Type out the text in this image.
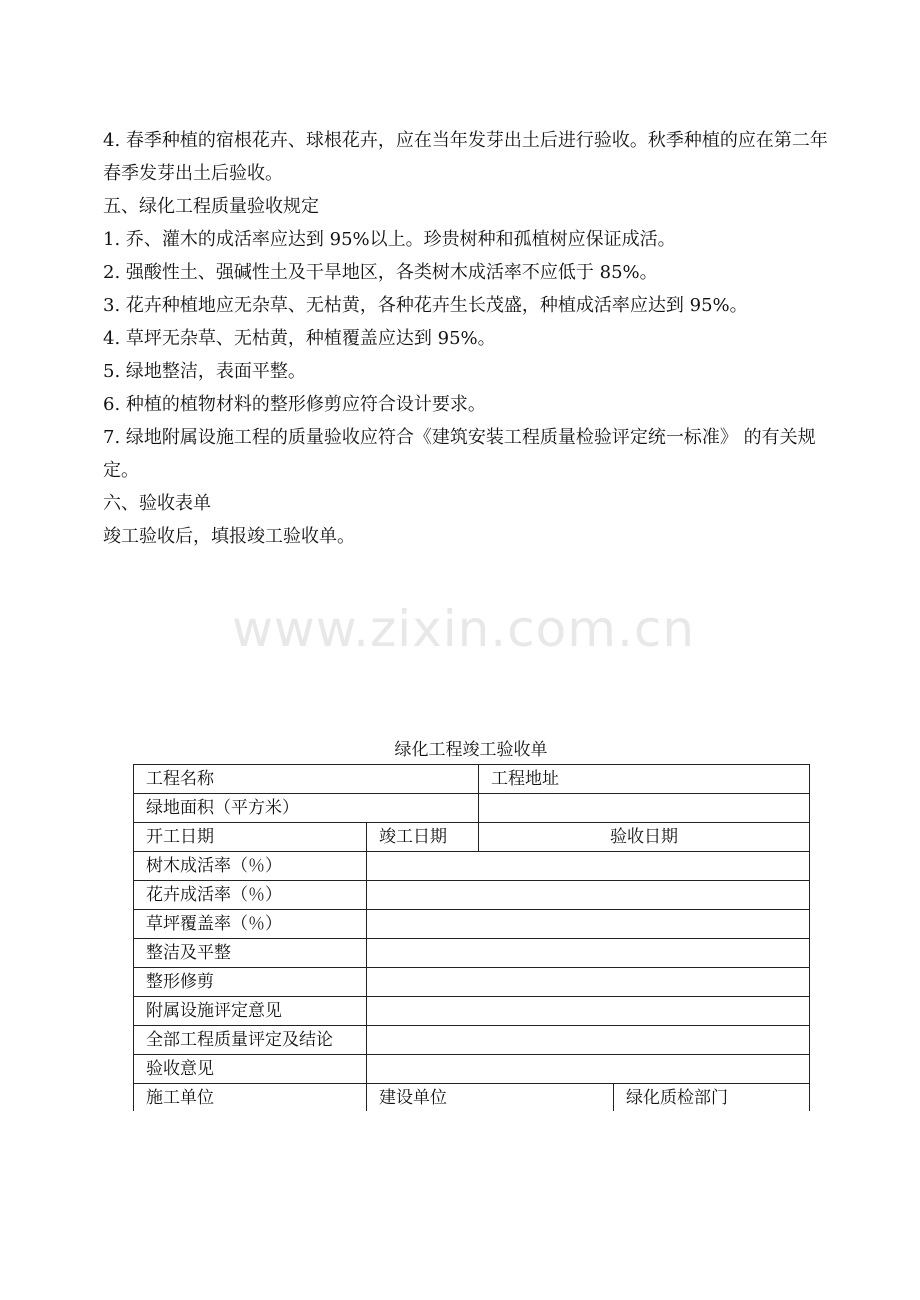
4. 春季种植的宿根花卉、球根花卉，应在当年发芽出土后进行验收。秋季种植的应在第二年春季发芽出土后验收。

五、绿化工程质量验收规定

1. 乔、灌木的成活率应达到 95%以上。珍贵树种和孤植树应保证成活。

2. 强酸性土、强碱性土及干旱地区，各类树木成活率不应低于 85%。

3. 花卉种植地应无杂草、无枯黄，各种花卉生长茂盛，种植成活率应达到 95%。

4. 草坪无杂草、无枯黄，种植覆盖应达到 95%。

5. 绿地整洁，表面平整。

6. 种植的植物材料的整形修剪应符合设计要求。

7. 绿地附属设施工程的质量验收应符合《建筑安装工程质量检验评定统一标准》 的有关规定。

六、验收表单

竣工验收后，填报竣工验收单。

www.zixin.com.cn
绿化工程竣工验收单
工程名称		工程地址	
绿地面积（平方米）			
开工日期	竣工日期	验收日期	
树木成活率（％）			
花卉成活率（％）			
草坪覆盖率（％）			
整洁及平整			
整形修剪			
附属设施评定意见			
全部工程质量评定及结论			
验收意见			
施工单位	建设单位		绿化质检部门
